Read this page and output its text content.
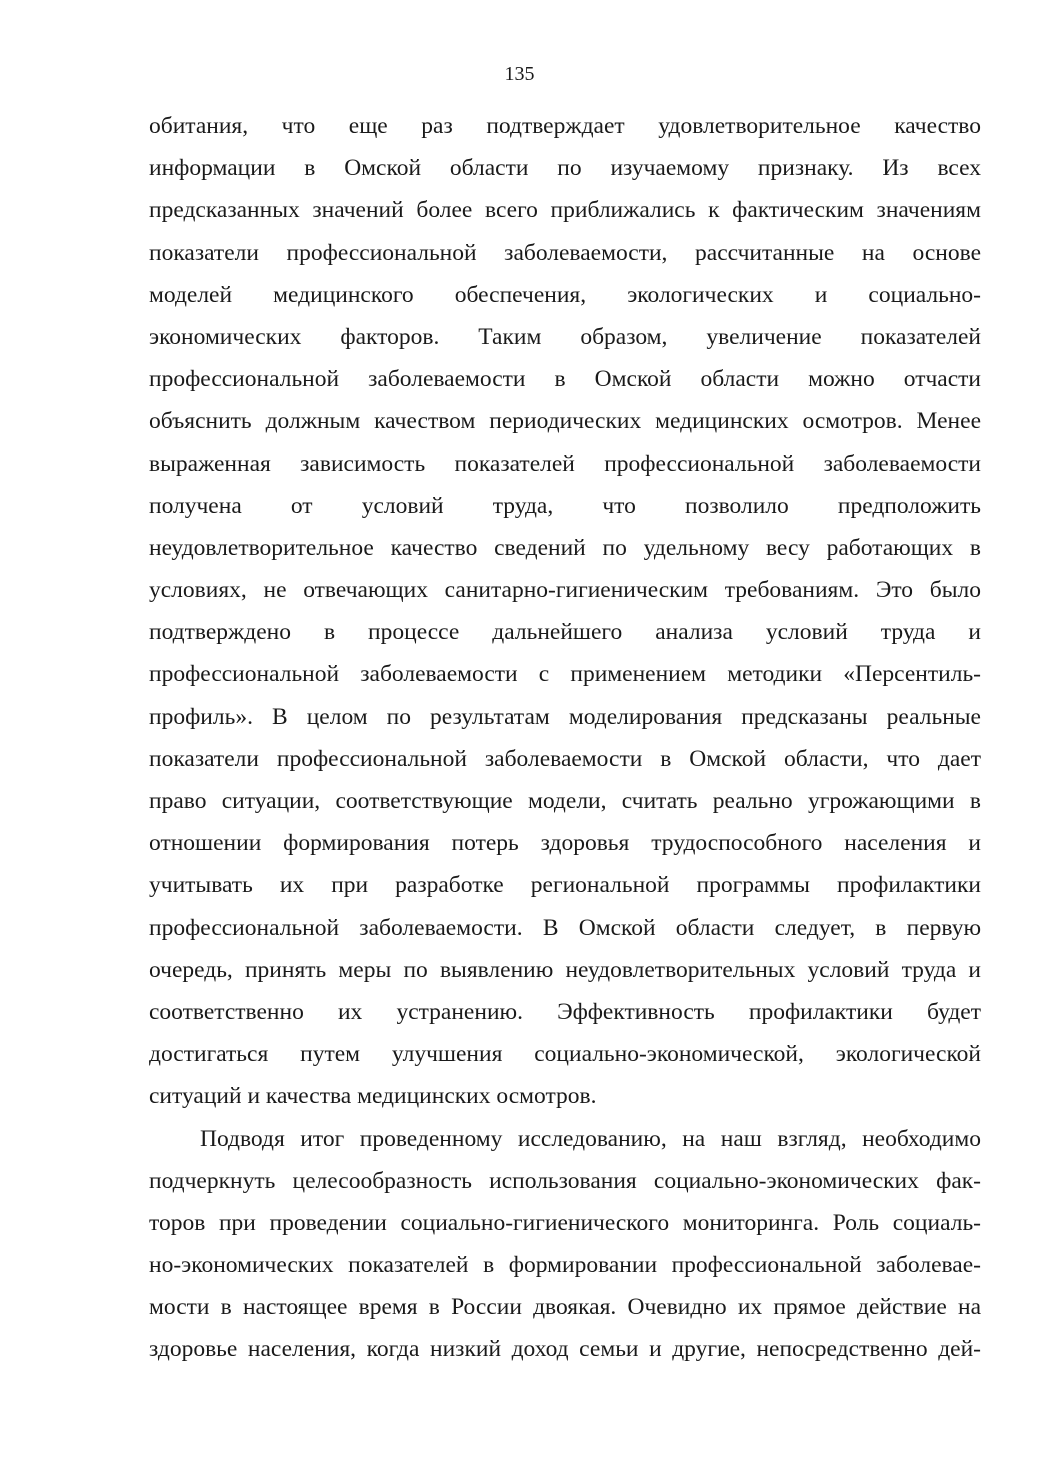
135
обитания, что еще раз подтверждает удовлетворительное качество
информации в Омской области по изучаемому признаку. Из всех
предсказанных значений более всего приближались к фактическим значениям
показатели профессиональной заболеваемости, рассчитанные на основе
моделей медицинского обеспечения, экологических и социально-
экономических факторов. Таким образом, увеличение показателей
профессиональной заболеваемости в Омской области можно отчасти
объяснить должным качеством периодических медицинских осмотров. Менее
выраженная зависимость показателей профессиональной заболеваемости
получена от условий труда, что позволило предположить
неудовлетворительное качество сведений по удельному весу работающих в
условиях, не отвечающих санитарно-гигиеническим требованиям. Это было
подтверждено в процессе дальнейшего анализа условий труда и
профессиональной заболеваемости с применением методики «Персентиль-
профиль». В целом по результатам моделирования предсказаны реальные
показатели профессиональной заболеваемости в Омской области, что дает
право ситуации, соответствующие модели, считать реально угрожающими в
отношении формирования потерь здоровья трудоспособного населения и
учитывать их при разработке региональной программы профилактики
профессиональной заболеваемости. В Омской области следует, в первую
очередь, принять меры по выявлению неудовлетворительных условий труда и
соответственно их устранению. Эффективность профилактики будет
достигаться путем улучшения социально-экономической, экологической
ситуаций и качества медицинских осмотров.
Подводя итог проведенному исследованию, на наш взгляд, необходимо
подчеркнуть целесообразность использования социально-экономических фак-
торов при проведении социально-гигиенического мониторинга. Роль социаль-
но-экономических показателей в формировании профессиональной заболевае-
мости в настоящее время в России двоякая. Очевидно их прямое действие на
здоровье населения, когда низкий доход семьи и другие, непосредственно дей-
